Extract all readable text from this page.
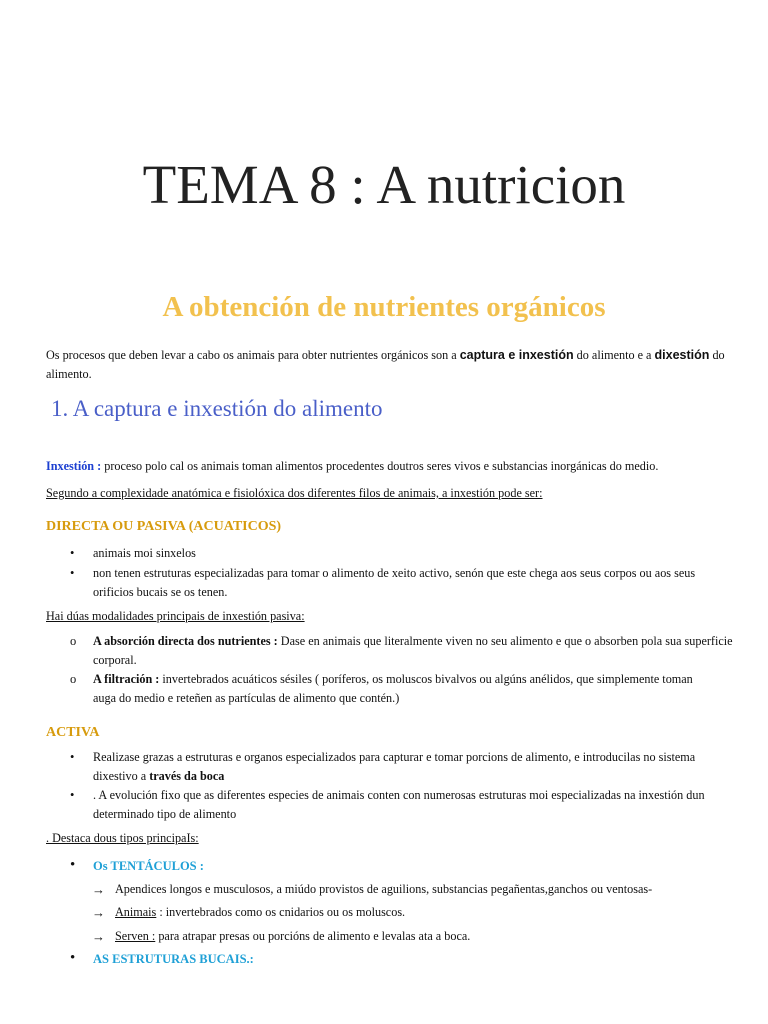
TEMA 8 : A nutricion
A obtención de nutrientes orgánicos
Os procesos que deben levar a cabo os animais para obter nutrientes orgánicos son a captura e inxestión do alimento e a dixestión do alimento.
1. A captura e inxestión do alimento
Inxestión : proceso polo cal os animais toman alimentos procedentes doutros seres vivos e substancias inorgánicas do medio.
Segundo a complexidade anatómica e fisiolóxica dos diferentes filos de animais, a inxestión pode ser:
DIRECTA OU PASIVA (ACUATICOS)
• animais moi sinxelos
• non tenen estruturas especializadas para tomar o alimento de xeito activo, senón que este chega aos seus corpos ou aos seus orificios bucais se os tenen.
Hai dúas modalidades principais de inxestión pasiva:
o A absorción directa dos nutrientes : Dase en animais que literalmente viven no seu alimento e que o absorben pola sua superficie corporal.
o A filtración : invertebrados acuáticos sésiles ( poríferos, os moluscos bivalvos ou algúns anélidos, que simplemente toman auga do medio e reteñen as partículas de alimento que contén.)
ACTIVA
• Realizase grazas a estruturas e organos especializados para capturar e tomar porcions de alimento, e introducilas no sistema dixestivo a través da boca
• . A evolución fixo que as diferentes especies de animais conten con numerosas estruturas moi especializadas na inxestión dun determinado tipo de alimento
. Destaca dous tipos principaIs:
• Os TENTÁCULOS :
→ Apendices longos e musculosos, a miúdo provistos de aguilions, substancias pegañentas,ganchos ou ventosas-
→ Animais : invertebrados como os cnidarios ou os moluscos.
→ Serven : para atrapar presas ou porcións de alimento e levalas ata a boca.
• AS ESTRUTURAS BUCAIS.:
